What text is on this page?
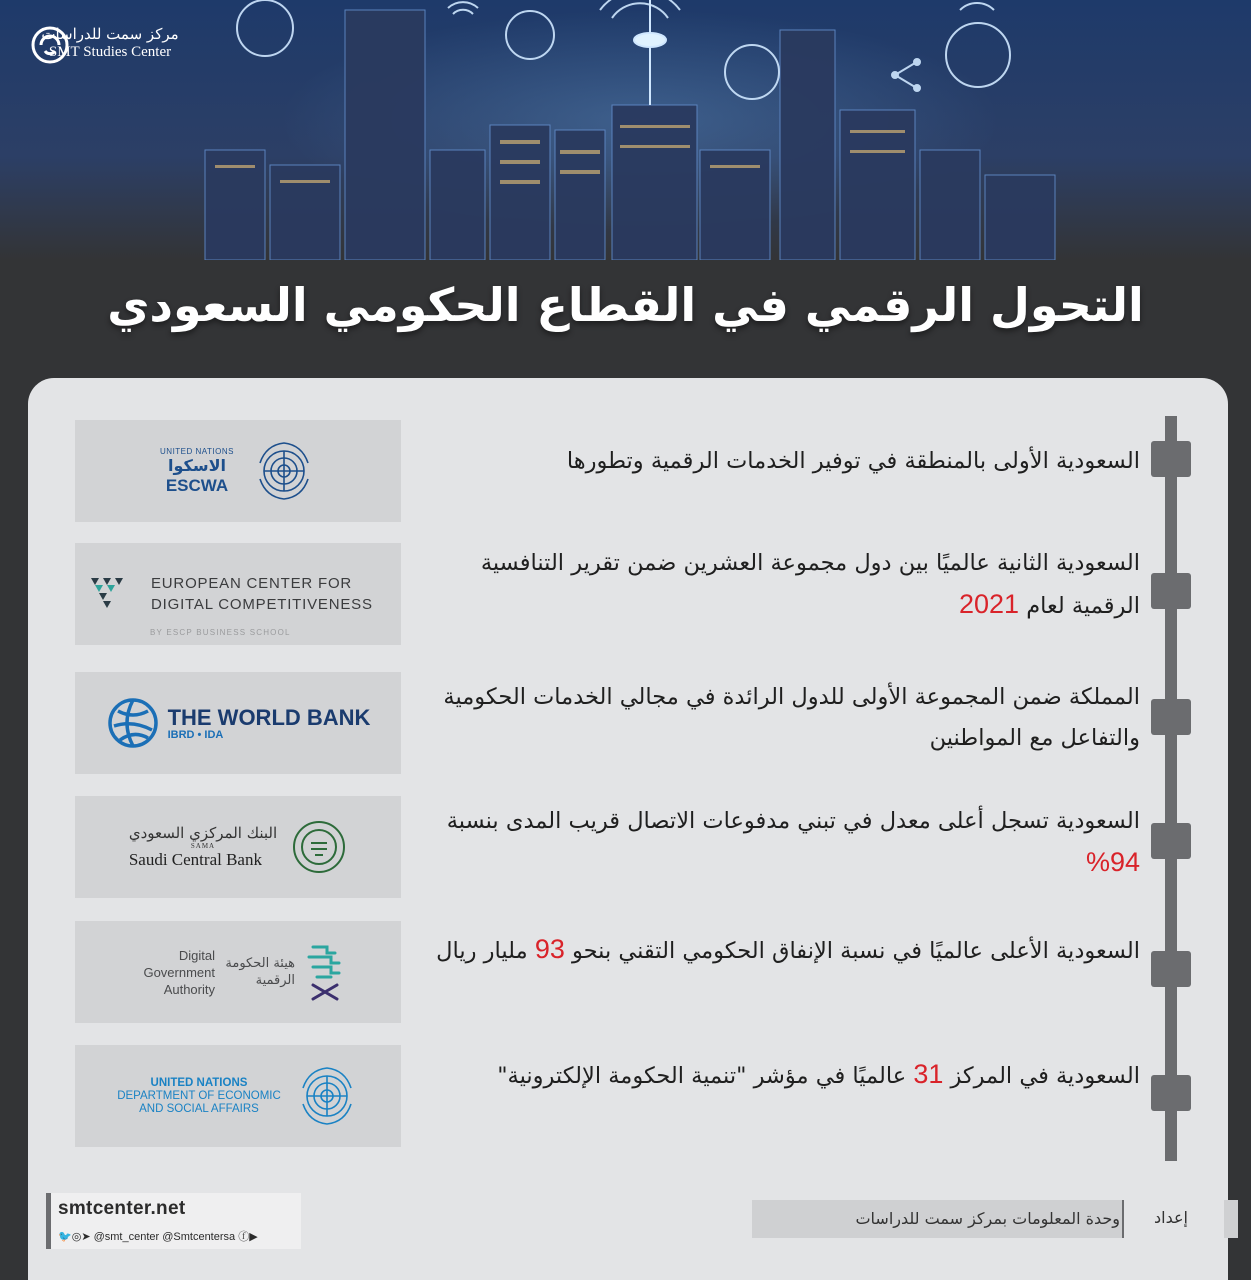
مركز سمت للدراسات
SMT Studies Center
التحول الرقمي في القطاع الحكومي السعودي
UNITED NATIONS
الاسكوا
ESCWA
السعودية الأولى بالمنطقة في توفير الخدمات الرقمية وتطورها
EUROPEAN CENTER FOR
DIGITAL COMPETITIVENESS
BY ESCP BUSINESS SCHOOL
السعودية الثانية عالميًا بين دول مجموعة العشرين ضمن تقرير التنافسية الرقمية لعام 2021
THE WORLD BANK
IBRD • IDA
المملكة ضمن المجموعة الأولى للدول الرائدة في مجالي الخدمات الحكومية والتفاعل مع المواطنين
البنك المركزي السعودي
SAMA
Saudi Central Bank
السعودية تسجل أعلى معدل في تبني مدفوعات الاتصال قريب المدى بنسبة 94%
Digital Government Authority
هيئة الحكومة الرقمية
السعودية الأعلى عالميًا في نسبة الإنفاق الحكومي التقني بنحو 93 مليار ريال
UNITED NATIONS
DEPARTMENT OF ECONOMIC
AND SOCIAL AFFAIRS
السعودية في المركز 31 عالميًا في مؤشر "تنمية الحكومة الإلكترونية"
smtcenter.net
🐦◎➤ @smt_center @Smtcentersa ⓕ▶
وحدة المعلومات بمركز سمت للدراسات إعداد
